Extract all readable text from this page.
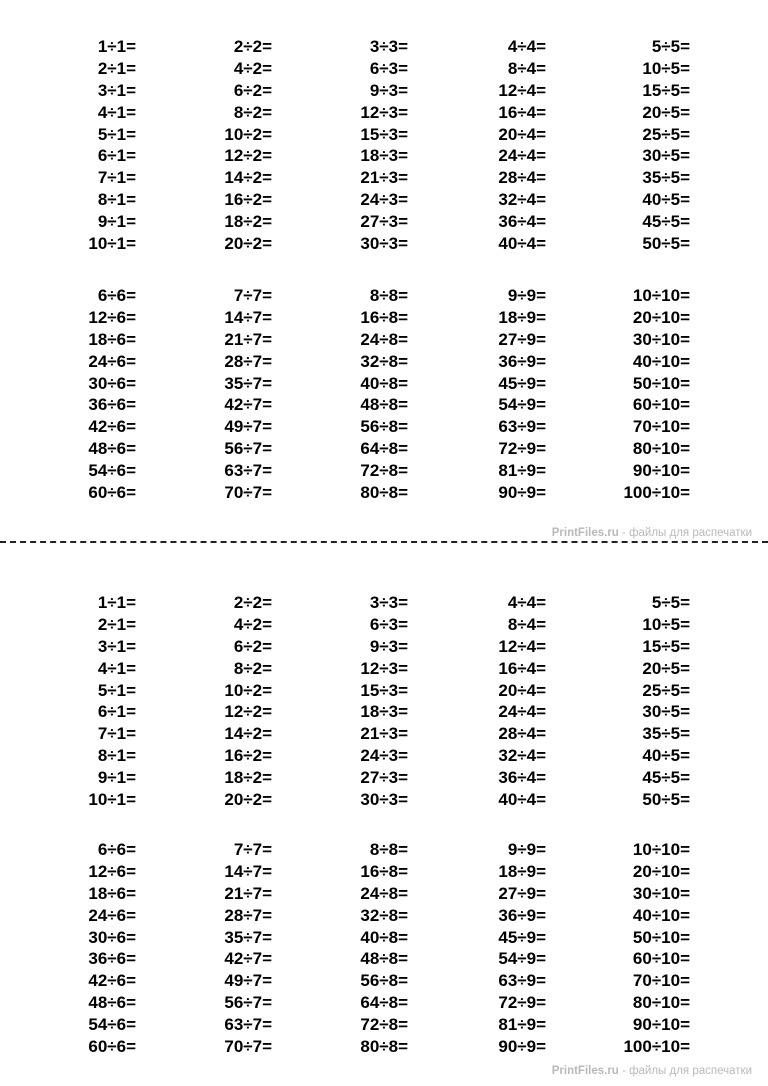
1÷1=
2÷1=
3÷1=
4÷1=
5÷1=
6÷1=
7÷1=
8÷1=
9÷1=
10÷1=
2÷2=
4÷2=
6÷2=
8÷2=
10÷2=
12÷2=
14÷2=
16÷2=
18÷2=
20÷2=
3÷3=
6÷3=
9÷3=
12÷3=
15÷3=
18÷3=
21÷3=
24÷3=
27÷3=
30÷3=
4÷4=
8÷4=
12÷4=
16÷4=
20÷4=
24÷4=
28÷4=
32÷4=
36÷4=
40÷4=
5÷5=
10÷5=
15÷5=
20÷5=
25÷5=
30÷5=
35÷5=
40÷5=
45÷5=
50÷5=
6÷6=
12÷6=
18÷6=
24÷6=
30÷6=
36÷6=
42÷6=
48÷6=
54÷6=
60÷6=
7÷7=
14÷7=
21÷7=
28÷7=
35÷7=
42÷7=
49÷7=
56÷7=
63÷7=
70÷7=
8÷8=
16÷8=
24÷8=
32÷8=
40÷8=
48÷8=
56÷8=
64÷8=
72÷8=
80÷8=
9÷9=
18÷9=
27÷9=
36÷9=
45÷9=
54÷9=
63÷9=
72÷9=
81÷9=
90÷9=
10÷10=
20÷10=
30÷10=
40÷10=
50÷10=
60÷10=
70÷10=
80÷10=
90÷10=
100÷10=
PrintFiles.ru - файлы для распечатки
1÷1=
2÷1=
3÷1=
4÷1=
5÷1=
6÷1=
7÷1=
8÷1=
9÷1=
10÷1=
2÷2=
4÷2=
6÷2=
8÷2=
10÷2=
12÷2=
14÷2=
16÷2=
18÷2=
20÷2=
3÷3=
6÷3=
9÷3=
12÷3=
15÷3=
18÷3=
21÷3=
24÷3=
27÷3=
30÷3=
4÷4=
8÷4=
12÷4=
16÷4=
20÷4=
24÷4=
28÷4=
32÷4=
36÷4=
40÷4=
5÷5=
10÷5=
15÷5=
20÷5=
25÷5=
30÷5=
35÷5=
40÷5=
45÷5=
50÷5=
6÷6=
12÷6=
18÷6=
24÷6=
30÷6=
36÷6=
42÷6=
48÷6=
54÷6=
60÷6=
7÷7=
14÷7=
21÷7=
28÷7=
35÷7=
42÷7=
49÷7=
56÷7=
63÷7=
70÷7=
8÷8=
16÷8=
24÷8=
32÷8=
40÷8=
48÷8=
56÷8=
64÷8=
72÷8=
80÷8=
9÷9=
18÷9=
27÷9=
36÷9=
45÷9=
54÷9=
63÷9=
72÷9=
81÷9=
90÷9=
10÷10=
20÷10=
30÷10=
40÷10=
50÷10=
60÷10=
70÷10=
80÷10=
90÷10=
100÷10=
PrintFiles.ru - файлы для распечатки
